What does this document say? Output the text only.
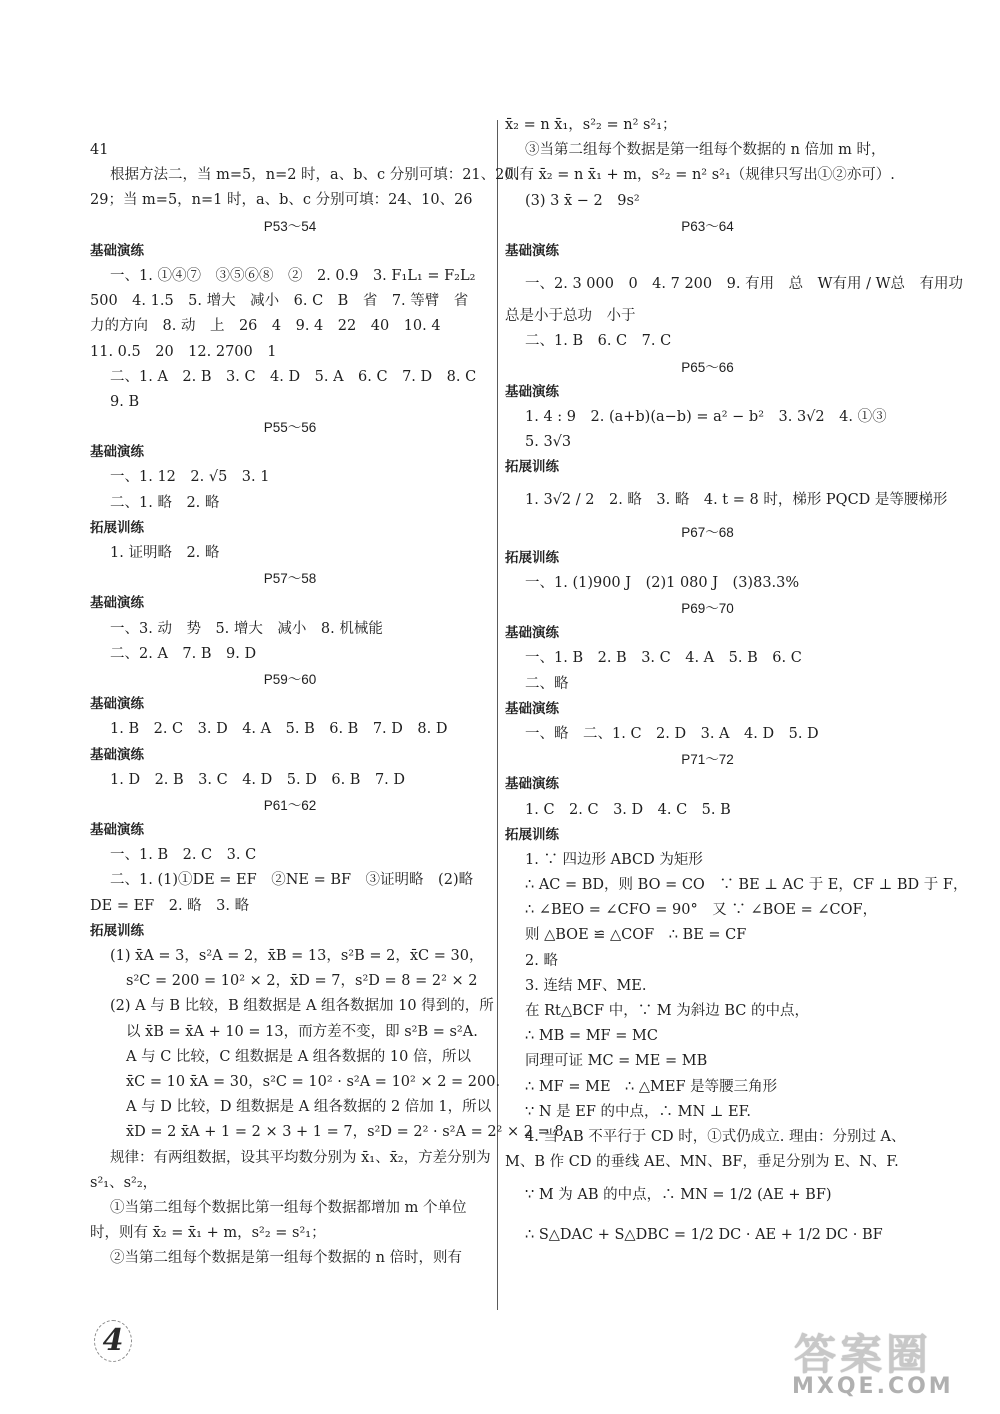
41
根据方法二，当 m=5，n=2 时，a、b、c 分别可填：21、20、
29；当 m=5，n=1 时，a、b、c 分别可填：24、10、26
P53～54
基础演练
一、1. ①④⑦　③⑤⑥⑧　②　2. 0.9　3. F₁L₁ = F₂L₂
500　4. 1.5　5. 增大　减小　6. C　B　省　7. 等臂　省
力的方向　8. 动　上　26　4　9. 4　22　40　10. 4
11. 0.5　20　12. 2700　1
二、1. A　2. B　3. C　4. D　5. A　6. C　7. D　8. C
9. B
P55～56
基础演练
一、1. 12　2. √5　3. 1
二、1. 略　2. 略
拓展训练
1. 证明略　2. 略
P57～58
基础演练
一、3. 动　势　5. 增大　减小　8. 机械能
二、2. A　7. B　9. D
P59～60
基础演练
1. B　2. C　3. D　4. A　5. B　6. B　7. D　8. D
基础演练
1. D　2. B　3. C　4. D　5. D　6. B　7. D
P61～62
基础演练
一、1. B　2. C　3. C
二、1. (1)①DE = EF　②NE = BF　③证明略　(2)略
DE = EF　2. 略　3. 略
拓展训练
(1) x̄A = 3，s²A = 2，x̄B = 13，s²B = 2，x̄C = 30，
s²C = 200 = 10² × 2，x̄D = 7，s²D = 8 = 2² × 2
(2) A 与 B 比较，B 组数据是 A 组各数据加 10 得到的，所
以 x̄B = x̄A + 10 = 13，而方差不变，即 s²B = s²A.
A 与 C 比较，C 组数据是 A 组各数据的 10 倍，所以
x̄C = 10 x̄A = 30，s²C = 10² · s²A = 10² × 2 = 200.
A 与 D 比较，D 组数据是 A 组各数据的 2 倍加 1，所以
x̄D = 2 x̄A + 1 = 2 × 3 + 1 = 7，s²D = 2² · s²A = 2² × 2 = 8.
规律：有两组数据，设其平均数分别为 x̄₁、x̄₂，方差分别为
s²₁、s²₂，
①当第二组每个数据比第一组每个数据都增加 m 个单位
时，则有 x̄₂ = x̄₁ + m，s²₂ = s²₁；
②当第二组每个数据是第一组每个数据的 n 倍时，则有
x̄₂ = n x̄₁，s²₂ = n² s²₁；
③当第二组每个数据是第一组每个数据的 n 倍加 m 时，
则有 x̄₂ = n x̄₁ + m，s²₂ = n² s²₁（规律只写出①②亦可）.
(3) 3 x̄ − 2　9s²
P63～64
基础演练
一、2. 3 000　0　4. 7 200　9. 有用　总　W有用 / W总　有用功
总是小于总功　小于
二、1. B　6. C　7. C
P65～66
基础演练
1. 4 : 9　2. (a+b)(a−b) = a² − b²　3. 3√2　4. ①③
5. 3√3
拓展训练
1. 3√2 / 2　2. 略　3. 略　4. t = 8 时，梯形 PQCD 是等腰梯形
P67～68
拓展训练
一、1. (1)900 J　(2)1 080 J　(3)83.3%
P69～70
基础演练
一、1. B　2. B　3. C　4. A　5. B　6. C
二、略
基础演练
一、略　二、1. C　2. D　3. A　4. D　5. D
P71～72
基础演练
1. C　2. C　3. D　4. C　5. B
拓展训练
1. ∵ 四边形 ABCD 为矩形
∴ AC = BD，则 BO = CO　∵ BE ⊥ AC 于 E，CF ⊥ BD 于 F，
∴ ∠BEO = ∠CFO = 90°　又 ∵ ∠BOE = ∠COF，
则 △BOE ≌ △COF　∴ BE = CF
2. 略
3. 连结 MF、ME.
在 Rt△BCF 中，∵ M 为斜边 BC 的中点，
∴ MB = MF = MC
同理可证 MC = ME = MB
∴ MF = ME　∴ △MEF 是等腰三角形
∵ N 是 EF 的中点，∴ MN ⊥ EF.
4. 当 AB 不平行于 CD 时，①式仍成立. 理由：分别过 A、
M、B 作 CD 的垂线 AE、MN、BF，垂足分别为 E、N、F.
∵ M 为 AB 的中点，∴ MN = 1/2 (AE + BF)
∴ S△DAC + S△DBC = 1/2 DC · AE + 1/2 DC · BF
4	答案圈
MXQE.COM
